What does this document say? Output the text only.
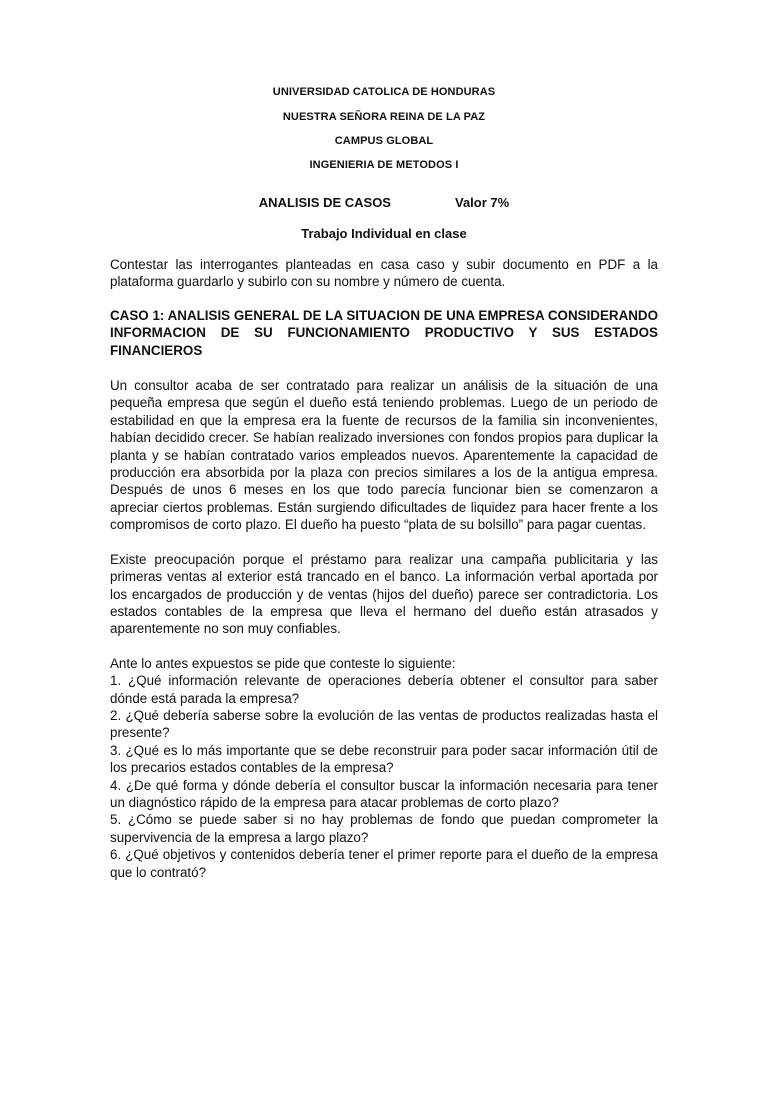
UNIVERSIDAD CATOLICA DE HONDURAS
NUESTRA SEÑORA REINA DE LA PAZ
CAMPUS GLOBAL
INGENIERIA DE METODOS I
ANALISIS DE CASOS	Valor 7%
Trabajo Individual en clase

Contestar las interrogantes planteadas en casa caso y subir documento en PDF a la plataforma guardarlo y subirlo con su nombre y número de cuenta.

CASO 1: ANALISIS GENERAL DE LA SITUACION DE UNA EMPRESA CONSIDERANDO INFORMACION DE SU FUNCIONAMIENTO PRODUCTIVO Y SUS ESTADOS FINANCIEROS

Un consultor acaba de ser contratado para realizar un análisis de la situación de una pequeña empresa que según el dueño está teniendo problemas. Luego de un periodo de estabilidad en que la empresa era la fuente de recursos de la familia sin inconvenientes, habían decidido crecer. Se habían realizado inversiones con fondos propios para duplicar la planta y se habían contratado varios empleados nuevos. Aparentemente la capacidad de producción era absorbida por la plaza con precios similares a los de la antigua empresa. Después de unos 6 meses en los que todo parecía funcionar bien se comenzaron a apreciar ciertos problemas. Están surgiendo dificultades de liquidez para hacer frente a los compromisos de corto plazo. El dueño ha puesto “plata de su bolsillo” para pagar cuentas.

Existe preocupación porque el préstamo para realizar una campaña publicitaria y las primeras ventas al exterior está trancado en el banco. La información verbal aportada por los encargados de producción y de ventas (hijos del dueño) parece ser contradictoria. Los estados contables de la empresa que lleva el hermano del dueño están atrasados y aparentemente no son muy confiables.

Ante lo antes expuestos se pide que conteste lo siguiente:

1. ¿Qué información relevante de operaciones debería obtener el consultor para saber dónde está parada la empresa?

2. ¿Qué debería saberse sobre la evolución de las ventas de productos realizadas hasta el presente?

3. ¿Qué es lo más importante que se debe reconstruir para poder sacar información útil de los precarios estados contables de la empresa?

4. ¿De qué forma y dónde debería el consultor buscar la información necesaria para tener un diagnóstico rápido de la empresa para atacar problemas de corto plazo?

5. ¿Cómo se puede saber si no hay problemas de fondo que puedan comprometer la supervivencia de la empresa a largo plazo?

6. ¿Qué objetivos y contenidos debería tener el primer reporte para el dueño de la empresa que lo contrató?
